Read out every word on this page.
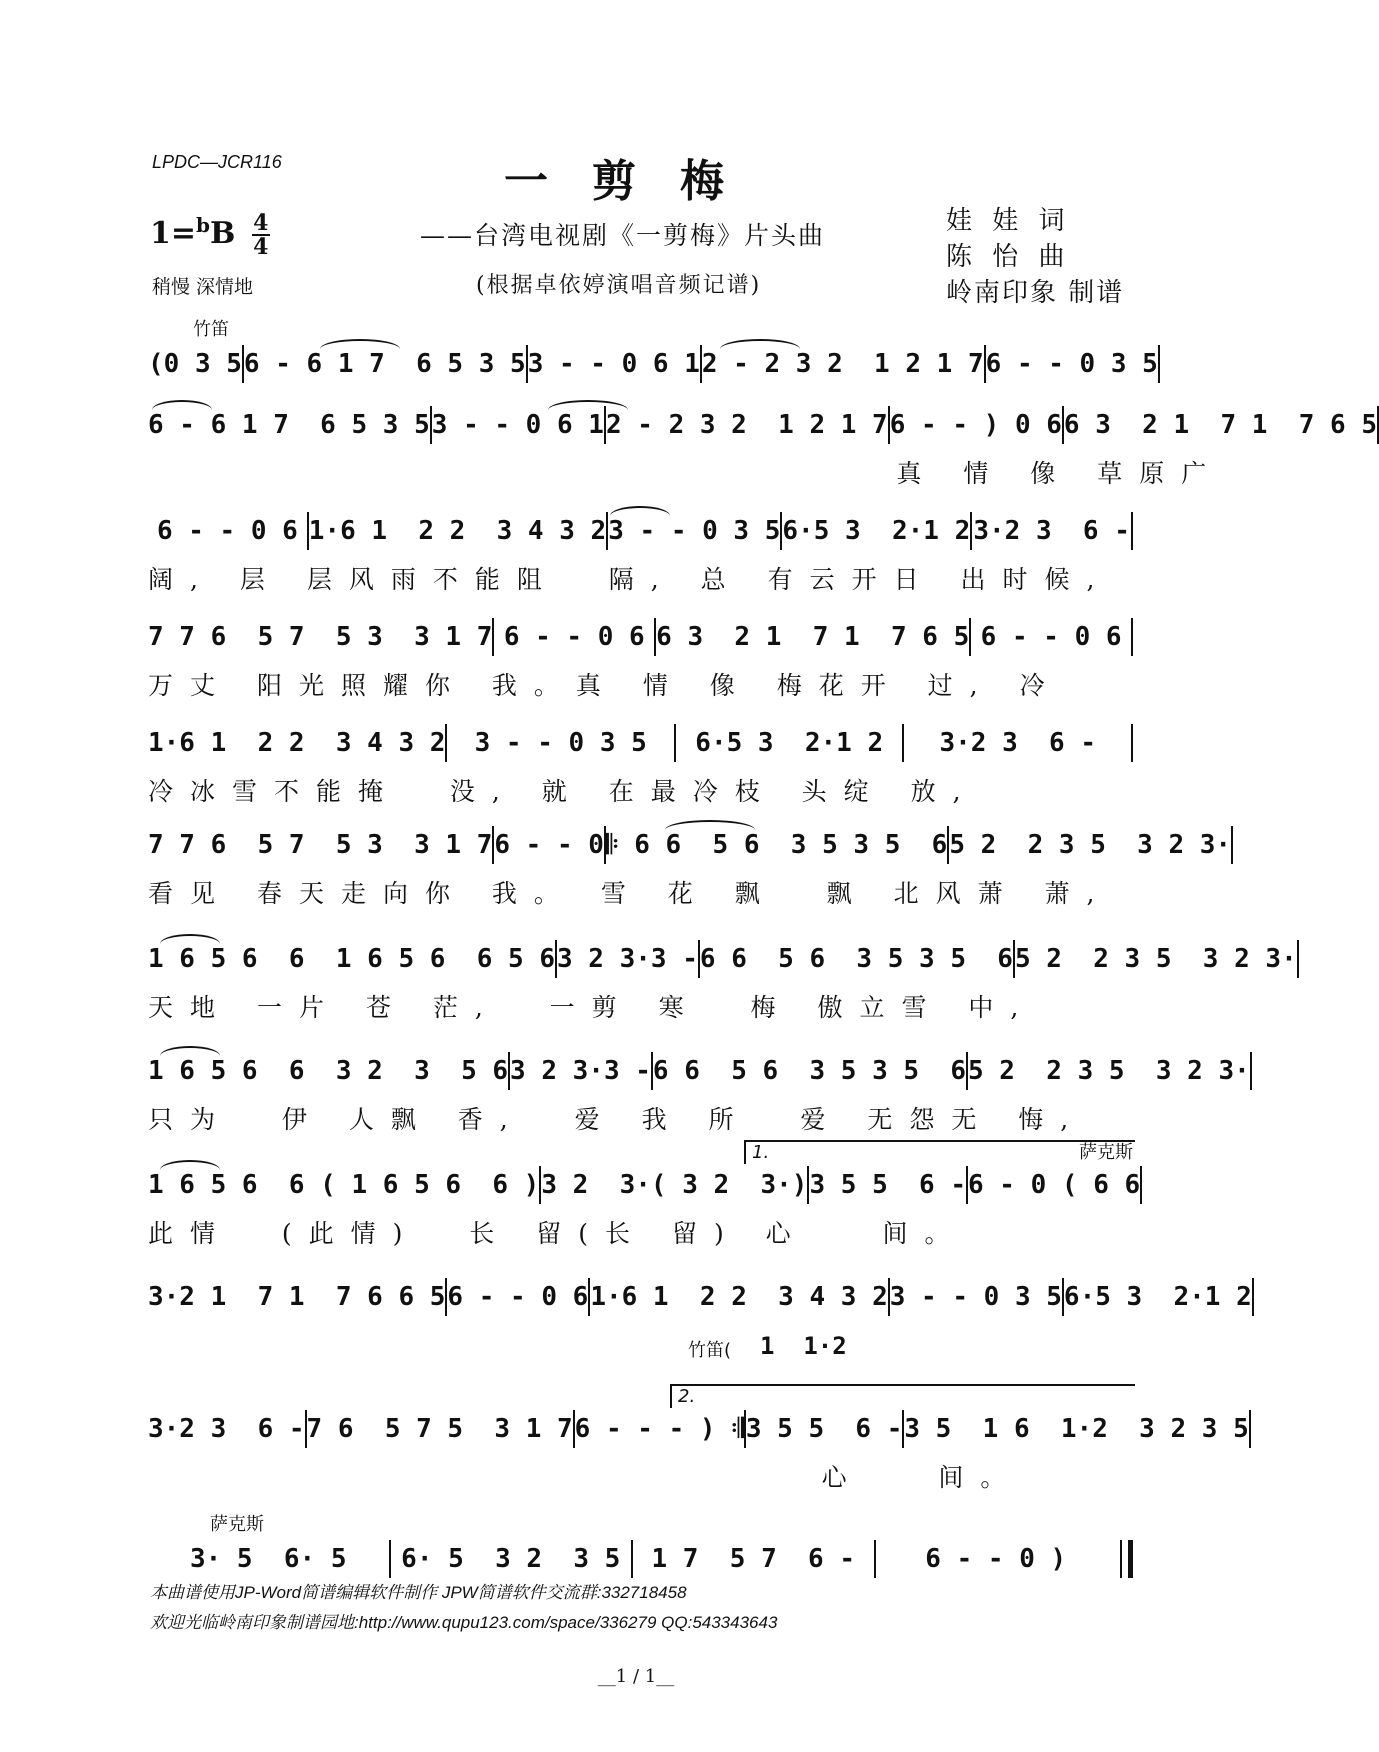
LPDC—JCR116	一剪梅
——台湾电视剧《一剪梅》片头曲
(根据卓依婷演唱音频记谱)
娃 娃 词
陈 怡 曲
岭南印象 制谱
$1=^bB \frac{4}{4}$
稍慢 深情地
竹笛
(0 3 5 6 - 6 1 7  6 5 3 5 3 - - 0 6 1 2 - 2 3 2  1 2 1 7 6 - - 0 3 5
6 - 6 1 7  6 5 3 5 3 - - 0 6 1 2 - 2 3 2  1 2 1 7 6 - - ) 0 6 6 3  2 1  7 1  7 6 5
真 情 像 草原广
6 - - 0 6 1·6 1  2 2  3 4 3 2 3 - - 0 3 5 6·5 3  2·1 2 3·2 3  6 -
阔, 层 层风雨不能阻  隔, 总 有云开日 出时候,
7 7 6  5 7  5 3  3 1 7 6 - - 0 6 6 3  2 1  7 1  7 6 5 6 - - 0 6
万丈 阳光照耀你 我。真 情 像 梅花开 过, 冷
1·6 1  2 2  3 4 3 2	3 - - 0 3 5	6·5 3  2·1 2	3·2 3  6 -
冷冰雪不能掩  没, 就 在最冷枝 头绽 放,
7 7 6  5 7  5 3  3 1 7 6 - - 0 𝄆 6 6  5 6  3 5 3 5  6 5 2  2 3 5  3 2 3·
看见 春天走向你 我。 雪 花 飘  飘 北风萧 萧,
1 6 5 6  6  1 6 5 6  6 5 6 3 2 3·3 - 6 6  5 6  3 5 3 5  6 5 2  2 3 5  3 2 3·
天地 一片 苍 茫,  一剪 寒  梅 傲立雪 中,
1 6 5 6  6  3 2  3  5 6 3 2 3·3 - 6 6  5 6  3 5 3 5  6 5 2  2 3 5  3 2 3·
只为  伊 人飘 香,  爱 我 所  爱 无怨无 悔,
萨克斯
1.
1 6 5 6  6 ( 1 6 5 6  6 ) 3 2  3·( 3 2  3·) 3 5 5  6 - 6 - 0 ( 6 6
此情  (此情)  长 留(长 留) 心   间。
3·2 1  7 1  7 6 6 5 6 - - 0 6 1·6 1  2 2  3 4 3 2 3 - - 0 3 5 6·5 3  2·1 2
竹笛( 1  1·2
2.
3·2 3  6 - 7 6  5 7 5  3 1 7 6 - - - ) 𝄇 3 5 5  6 - 3 5  1 6  1·2  3 2 3 5
心   间。
萨克斯
3· 5  6· 5	6· 5  3 2  3 5	1 7  5 7  6 -	6 - - 0 )
本曲谱使用JP-Word简谱编辑软件制作 JPW简谱软件交流群:332718458
欢迎光临岭南印象制谱园地:http://www.qupu123.com/space/336279 QQ:543343643
__1 / 1__
